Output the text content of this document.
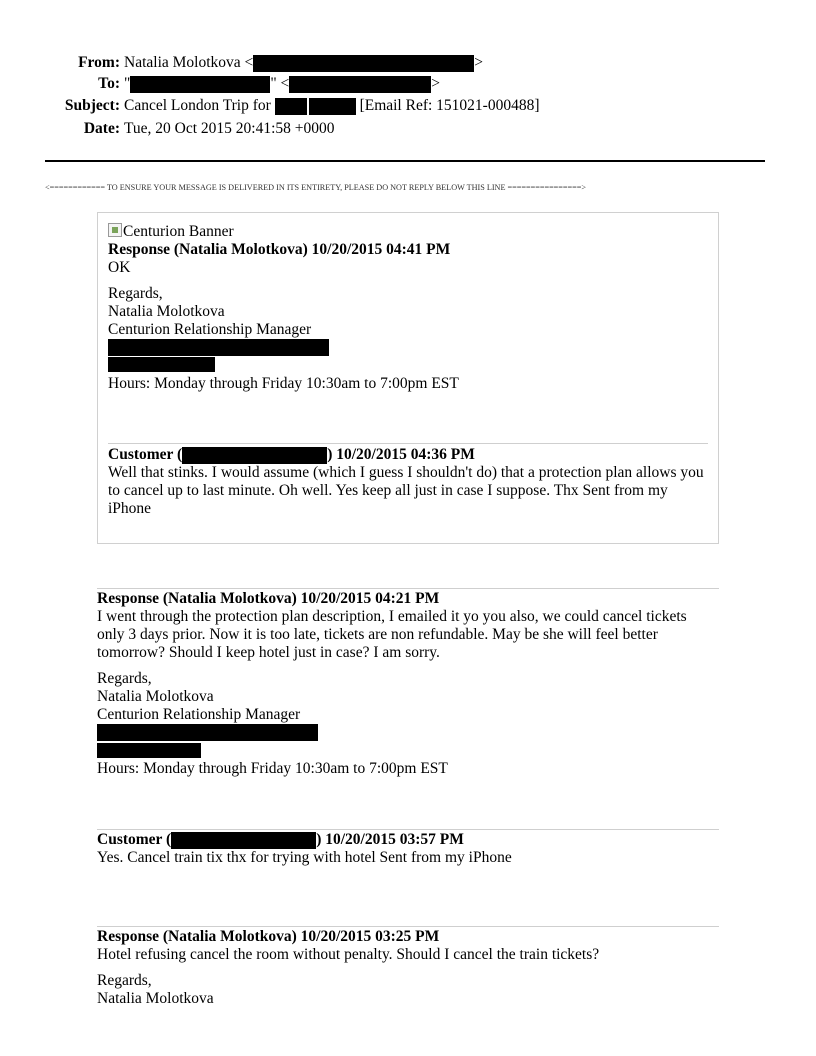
From: Natalia Molotkova <	>
To: "	" <	>
Subject: Cancel London Trip for	[Email Ref: 151021-000488]
Date: Tue, 20 Oct 2015 20:41:58 +0000
<============ TO ENSURE YOUR MESSAGE IS DELIVERED IN ITS ENTIRETY, PLEASE DO NOT REPLY BELOW THIS LINE ================>
Centurion Banner
Response (Natalia Molotkova) 10/20/2015 04:41 PM
OK
Regards,
Natalia Molotkova
Centurion Relationship Manager
Hours: Monday through Friday 10:30am to 7:00pm EST
Customer (	) 10/20/2015 04:36 PM
Well that stinks. I would assume (which I guess I shouldn't do) that a protection plan allows you to cancel up to last minute. Oh well. Yes keep all just in case I suppose. Thx Sent from my iPhone
Response (Natalia Molotkova) 10/20/2015 04:21 PM
I went through the protection plan description, I emailed it yo you also, we could cancel tickets only 3 days prior. Now it is too late, tickets are non refundable. May be she will feel better tomorrow? Should I keep hotel just in case? I am sorry.
Regards,
Natalia Molotkova
Centurion Relationship Manager
Hours: Monday through Friday 10:30am to 7:00pm EST
Customer (	) 10/20/2015 03:57 PM
Yes. Cancel train tix thx for trying with hotel Sent from my iPhone
Response (Natalia Molotkova) 10/20/2015 03:25 PM
Hotel refusing cancel the room without penalty. Should I cancel the train tickets?
Regards,
Natalia Molotkova
